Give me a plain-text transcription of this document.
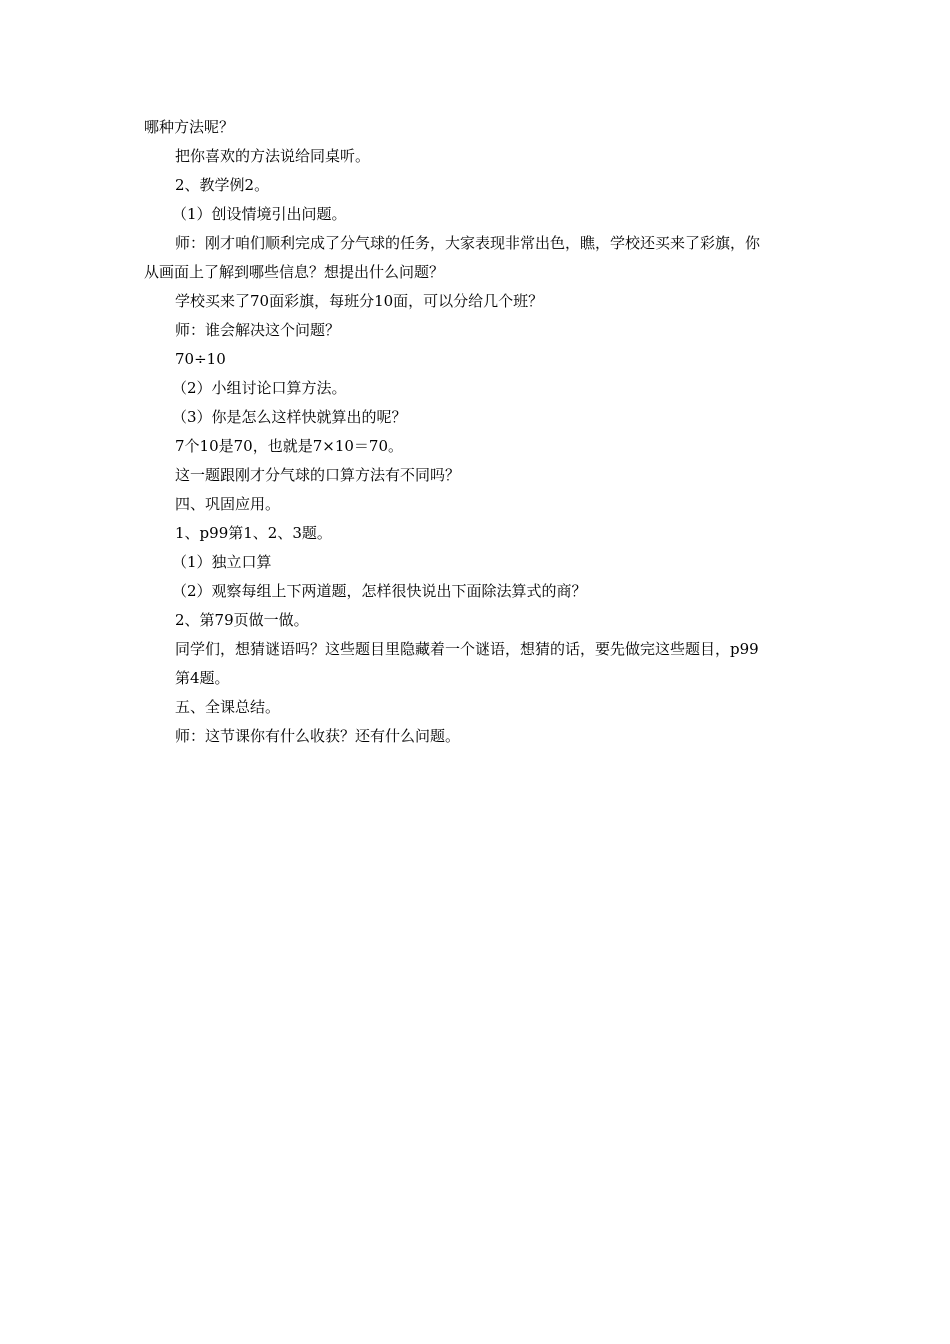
哪种方法呢？

把你喜欢的方法说给同桌听。

2、教学例2。

（1）创设情境引出问题。

师：刚才咱们顺利完成了分气球的任务，大家表现非常出色，瞧，学校还买来了彩旗，你

从画面上了解到哪些信息？想提出什么问题？

学校买来了70面彩旗，每班分10面，可以分给几个班？

师：谁会解决这个问题？

70÷10

（2）小组讨论口算方法。

（3）你是怎么这样快就算出的呢？

7个10是70，也就是7×10＝70。

这一题跟刚才分气球的口算方法有不同吗？

四、巩固应用。

1、p99第1、2、3题。

（1）独立口算

（2）观察每组上下两道题，怎样很快说出下面除法算式的商？

2、第79页做一做。

同学们，想猜谜语吗？这些题目里隐藏着一个谜语，想猜的话，要先做完这些题目，p99

第4题。

五、全课总结。

师：这节课你有什么收获？还有什么问题。
